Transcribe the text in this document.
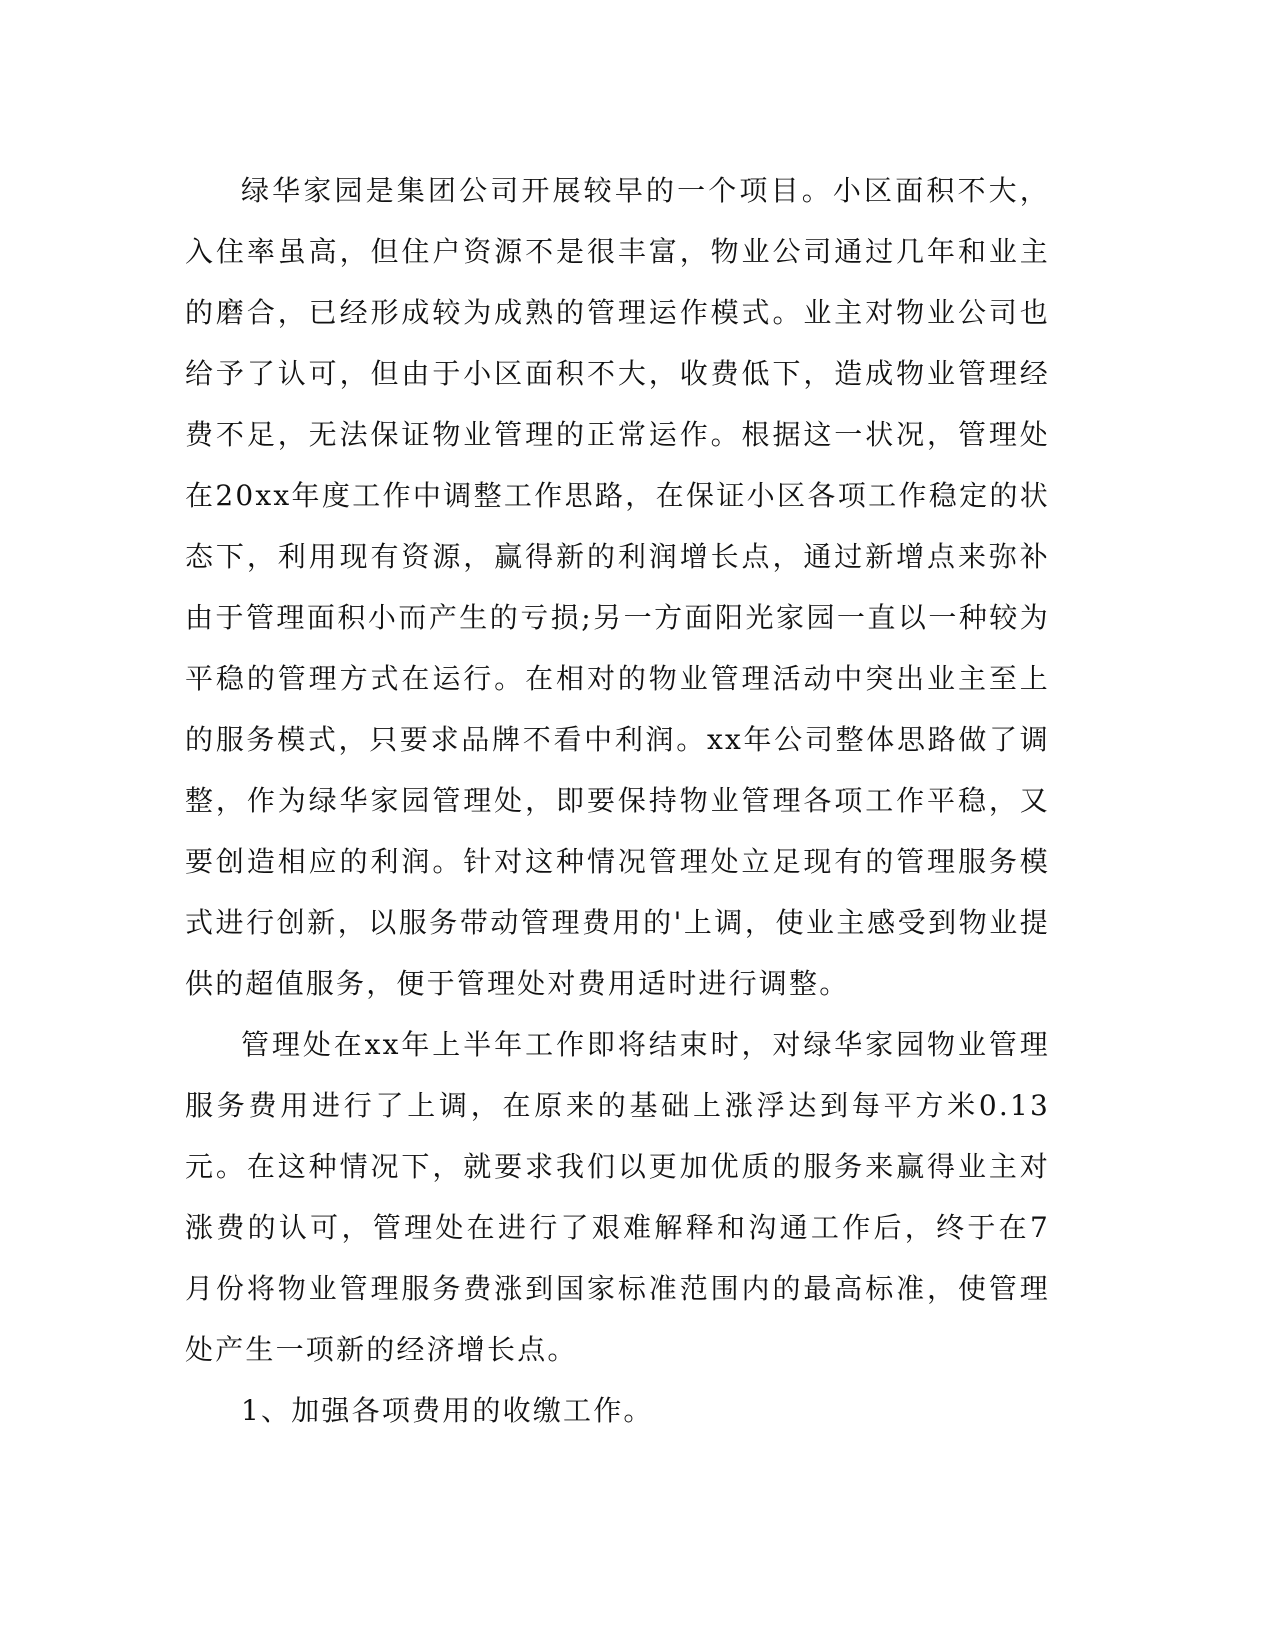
绿华家园是集团公司开展较早的一个项目。小区面积不大，入住率虽高，但住户资源不是很丰富，物业公司通过几年和业主的磨合，已经形成较为成熟的管理运作模式。业主对物业公司也给予了认可，但由于小区面积不大，收费低下，造成物业管理经费不足，无法保证物业管理的正常运作。根据这一状况，管理处在20xx年度工作中调整工作思路，在保证小区各项工作稳定的状态下，利用现有资源，赢得新的利润增长点，通过新增点来弥补由于管理面积小而产生的亏损;另一方面阳光家园一直以一种较为平稳的管理方式在运行。在相对的物业管理活动中突出业主至上的服务模式，只要求品牌不看中利润。xx年公司整体思路做了调整，作为绿华家园管理处，即要保持物业管理各项工作平稳，又要创造相应的利润。针对这种情况管理处立足现有的管理服务模式进行创新，以服务带动管理费用的'上调，使业主感受到物业提供的超值服务，便于管理处对费用适时进行调整。

管理处在xx年上半年工作即将结束时，对绿华家园物业管理服务费用进行了上调，在原来的基础上涨浮达到每平方米0.13元。在这种情况下，就要求我们以更加优质的服务来赢得业主对涨费的认可，管理处在进行了艰难解释和沟通工作后，终于在7月份将物业管理服务费涨到国家标准范围内的最高标准，使管理处产生一项新的经济增长点。

1、加强各项费用的收缴工作。
